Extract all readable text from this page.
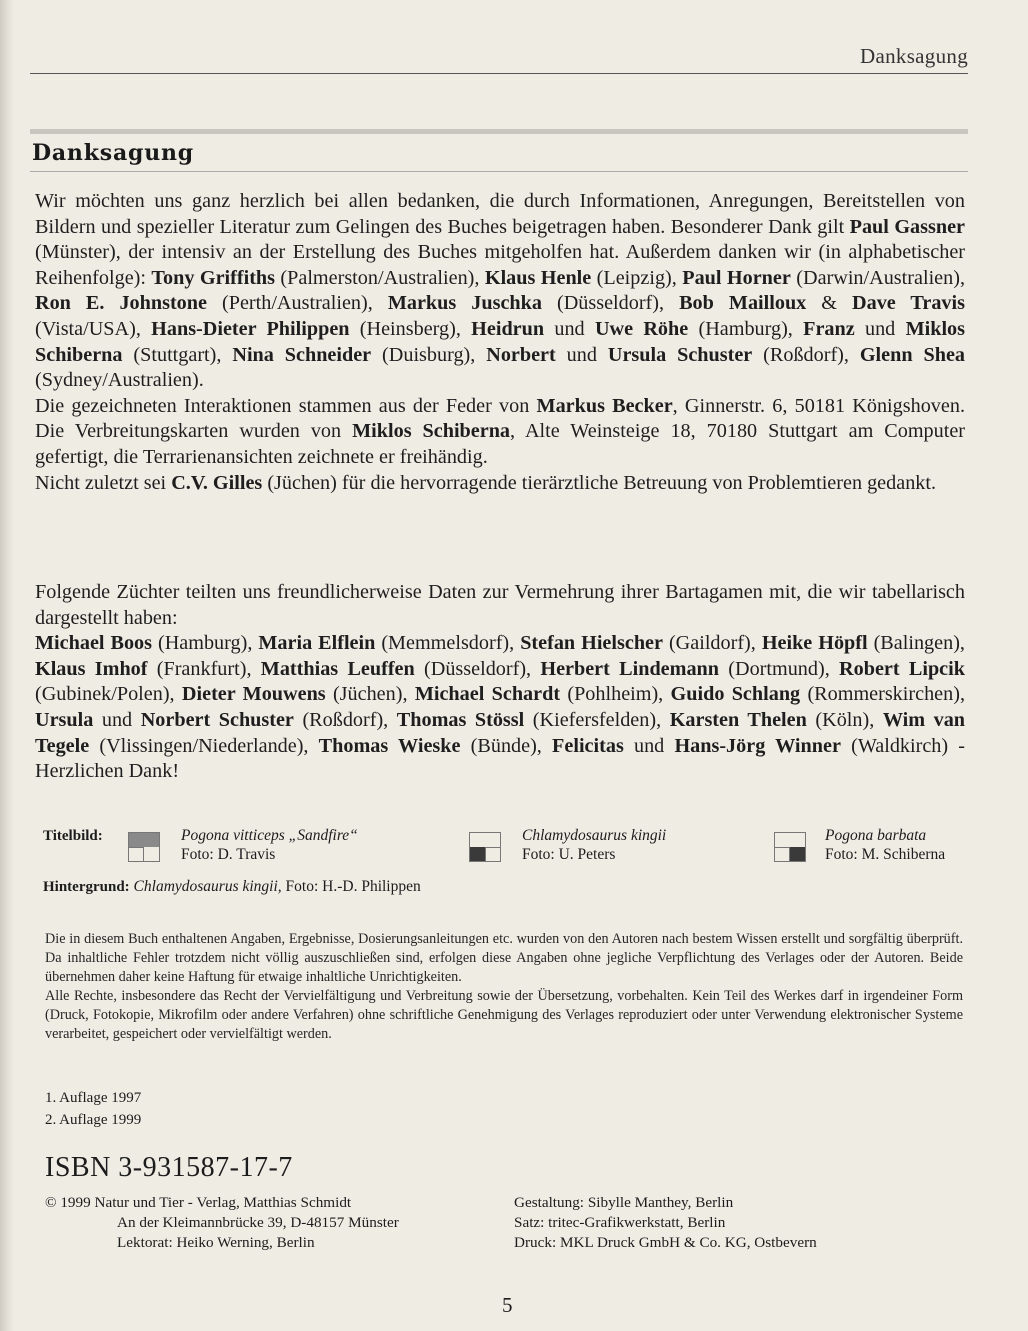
Danksagung
Danksagung

Wir möchten uns ganz herzlich bei allen bedanken, die durch Informationen, Anregungen, Bereitstellen von Bildern und spezieller Literatur zum Gelingen des Buches beigetragen haben. Besonderer Dank gilt Paul Gassner (Münster), der intensiv an der Erstellung des Buches mitgeholfen hat. Außerdem danken wir (in alphabetischer Reihenfolge): Tony Griffiths (Palmerston/Australien), Klaus Henle (Leipzig), Paul Horner (Darwin/Australien), Ron E. Johnstone (Perth/Australien), Markus Juschka (Düsseldorf), Bob Mailloux & Dave Travis (Vista/USA), Hans-Dieter Philippen (Heinsberg), Heidrun und Uwe Röhe (Hamburg), Franz und Miklos Schiberna (Stuttgart), Nina Schneider (Duisburg), Norbert und Ursula Schuster (Roßdorf), Glenn Shea (Sydney/Australien).

Die gezeichneten Interaktionen stammen aus der Feder von Markus Becker, Ginnerstr. 6, 50181 Königshoven. Die Verbreitungskarten wurden von Miklos Schiberna, Alte Weinsteige 18, 70180 Stuttgart am Computer gefertigt, die Terrarienansichten zeichnete er freihändig.

Nicht zuletzt sei C.V. Gilles (Jüchen) für die hervorragende tierärztliche Betreuung von Problemtieren gedankt.

Folgende Züchter teilten uns freundlicherweise Daten zur Vermehrung ihrer Bartagamen mit, die wir tabellarisch dargestellt haben:

Michael Boos (Hamburg), Maria Elflein (Memmelsdorf), Stefan Hielscher (Gaildorf), Heike Höpfl (Balingen), Klaus Imhof (Frankfurt), Matthias Leuffen (Düsseldorf), Herbert Lindemann (Dortmund), Robert Lipcik (Gubinek/Polen), Dieter Mouwens (Jüchen), Michael Schardt (Pohlheim), Guido Schlang (Rommerskirchen), Ursula und Norbert Schuster (Roßdorf), Thomas Stössl (Kiefersfelden), Karsten Thelen (Köln), Wim van Tegele (Vlissingen/Niederlande), Thomas Wieske (Bünde), Felicitas und Hans-Jörg Winner (Waldkirch) - Herzlichen Dank!

Titelbild:	Pogona vitticeps „Sandfire“
Foto: D. Travis
Chlamydosaurus kingii
Foto: U. Peters
Pogona barbata
Foto: M. Schiberna
Hintergrund: Chlamydosaurus kingii, Foto: H.-D. Philippen

Die in diesem Buch enthaltenen Angaben, Ergebnisse, Dosierungsanleitungen etc. wurden von den Autoren nach bestem Wissen erstellt und sorgfältig überprüft. Da inhaltliche Fehler trotzdem nicht völlig auszuschließen sind, erfolgen diese Angaben ohne jegliche Verpflichtung des Verlages oder der Autoren. Beide übernehmen daher keine Haftung für etwaige inhaltliche Unrichtigkeiten.

Alle Rechte, insbesondere das Recht der Vervielfältigung und Verbreitung sowie der Übersetzung, vorbehalten. Kein Teil des Werkes darf in irgendeiner Form (Druck, Fotokopie, Mikrofilm oder andere Verfahren) ohne schriftliche Genehmigung des Verlages reproduziert oder unter Verwendung elektronischer Systeme verarbeitet, gespeichert oder vervielfältigt werden.

1. Auflage 1997
2. Auflage 1999
ISBN 3-931587-17-7
© 1999 Natur und Tier - Verlag, Matthias Schmidt
An der Kleimannbrücke 39, D-48157 Münster
Lektorat: Heiko Werning, Berlin
Gestaltung: Sibylle Manthey, Berlin
Satz: tritec-Grafikwerkstatt, Berlin
Druck: MKL Druck GmbH & Co. KG, Ostbevern
5
